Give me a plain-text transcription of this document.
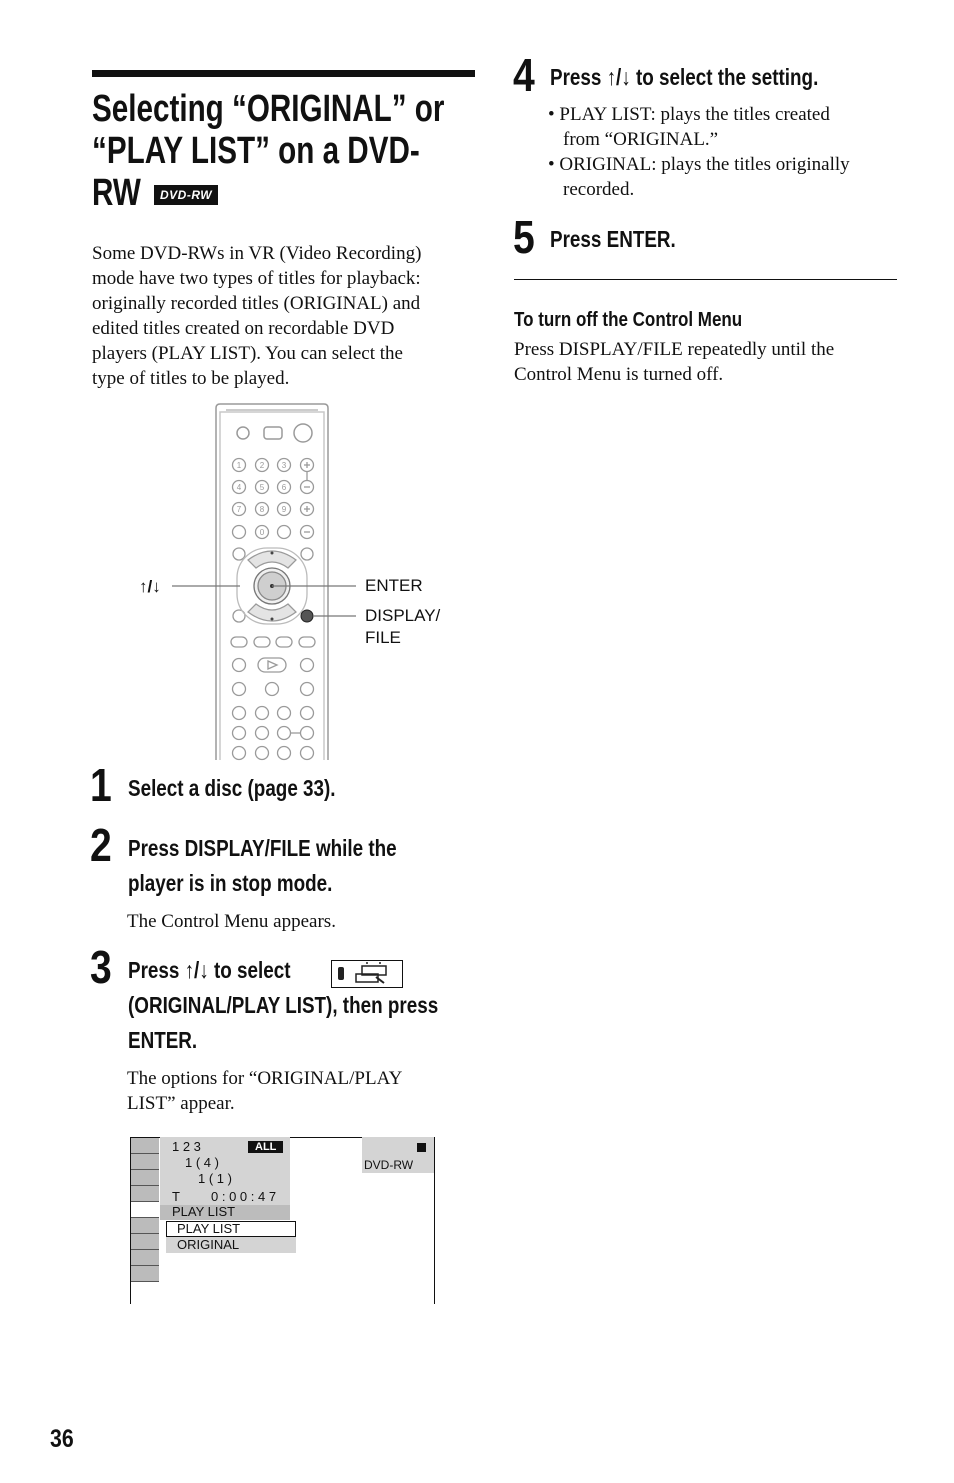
Selecting “ORIGINAL” or
“PLAY LIST” on a DVD-
RW	DVD-RW
Some DVD-RWs in VR (Video Recording)
mode have two types of titles for playback:
originally recorded titles (ORIGINAL) and
edited titles created on recordable DVD
players (PLAY LIST). You can select the
type of titles to be played.
1 2 3
4 5 6
7 8 9
0
↑/↓	ENTER
DISPLAY/
FILE
1 Select a disc (page 33).
2 Press DISPLAY/FILE while the
player is in stop mode.
The Control Menu appears.
3 Press ↑/↓ to select
(ORIGINAL/PLAY LIST), then press
ENTER.
The options for “ORIGINAL/PLAY
LIST” appear.
1 2 3	ALL
1 ( 4 )
1 ( 1 )
T 0 : 0 0 : 4 7
PLAY LIST
PLAY LIST
ORIGINAL
DVD-RW
4 Press ↑/↓ to select the setting.
• PLAY LIST: plays the titles created
from “ORIGINAL.”
• ORIGINAL: plays the titles originally
recorded.
5 Press ENTER.
To turn off the Control Menu
Press DISPLAY/FILE repeatedly until the
Control Menu is turned off.
36
